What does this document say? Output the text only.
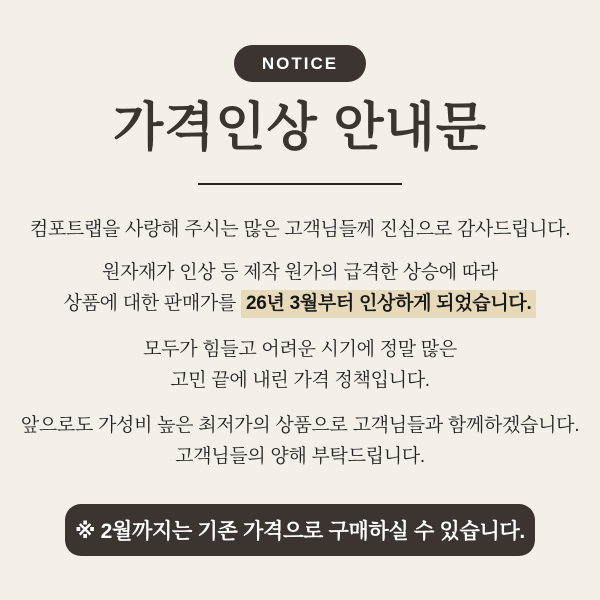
NOTICE
가격인상 안내문

컴포트랩을 사랑해 주시는 많은 고객님들께 진심으로 감사드립니다.

원자재가 인상 등 제작 원가의 급격한 상승에 따라
상품에 대한 판매가를 26년 3월부터 인상하게 되었습니다.

모두가 힘들고 어려운 시기에 정말 많은
고민 끝에 내린 가격 정책입니다.

앞으로도 가성비 높은 최저가의 상품으로 고객님들과 함께하겠습니다.
고객님들의 양해 부탁드립니다.

※ 2월까지는 기존 가격으로 구매하실 수 있습니다.
